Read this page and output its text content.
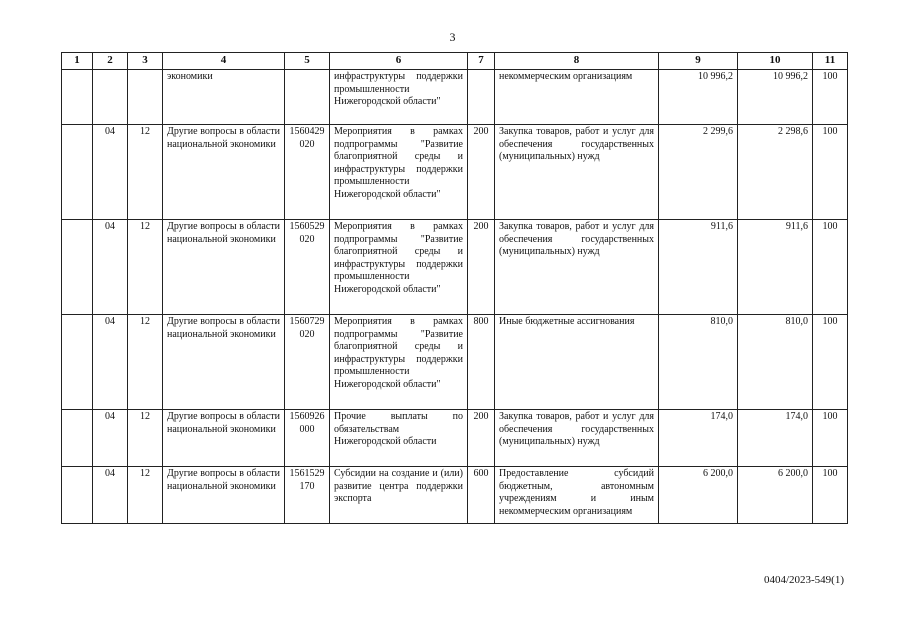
3
1	2	3	4	5	6	7	8	9	10	11
			экономики		инфраструктуры поддержки промышленности Нижегородской области"		некоммерческим организациям	10 996,2	10 996,2	100
	04	12	Другие вопросы в области национальной экономики	1560429020	Мероприятия в рамках подпрограммы "Развитие благоприятной среды и инфраструктуры поддержки промышленности Нижегородской области"	200	Закупка товаров, работ и услуг для обеспечения государственных (муниципальных) нужд	2 299,6	2 298,6	100
	04	12	Другие вопросы в области национальной экономики	1560529020	Мероприятия в рамках подпрограммы "Развитие благоприятной среды и инфраструктуры поддержки промышленности Нижегородской области"	200	Закупка товаров, работ и услуг для обеспечения государственных (муниципальных) нужд	911,6	911,6	100
	04	12	Другие вопросы в области национальной экономики	1560729020	Мероприятия в рамках подпрограммы "Развитие благоприятной среды и инфраструктуры поддержки промышленности Нижегородской области"	800	Иные бюджетные ассигнования	810,0	810,0	100
	04	12	Другие вопросы в области национальной экономики	1560926000	Прочие выплаты по обязательствам Нижегородской области	200	Закупка товаров, работ и услуг для обеспечения государственных (муниципальных) нужд	174,0	174,0	100
	04	12	Другие вопросы в области национальной экономики	1561529170	Субсидии на создание и (или) развитие центра поддержки экспорта	600	Предоставление субсидий бюджетным, автономным учреждениям и иным некоммерческим организациям	6 200,0	6 200,0	100
0404/2023-549(1)
